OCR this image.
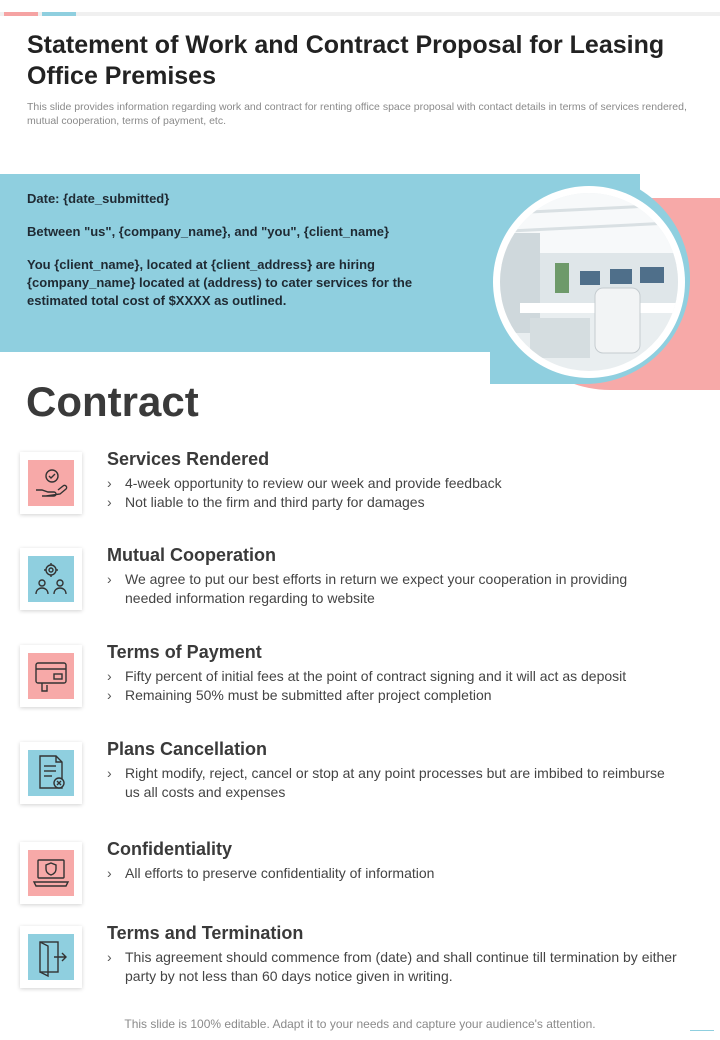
Statement of Work and Contract Proposal for Leasing Office Premises

This slide provides information regarding work and contract for renting office space proposal with contact details in terms of services rendered, mutual cooperation, terms of payment, etc.

Date: {date_submitted}

Between "us", {company_name}, and "you", {client_name}

You {client_name}, located at {client_address} are hiring {company_name} located at (address) to cater services for the estimated total cost of $XXXX as outlined.

Contract
Services Rendered
› 4-week opportunity to review our week and provide feedback
› Not liable to the firm and third party for damages
Mutual Cooperation
› We agree to put our best efforts in return we expect your cooperation in providing needed information regarding to website
Terms of Payment
› Fifty percent of initial fees at the point of contract signing and it will act as deposit
› Remaining 50% must be submitted after project completion
Plans Cancellation
› Right modify, reject, cancel or stop at any point processes but are imbibed to reimburse us all costs and expenses
Confidentiality
› All efforts to preserve confidentiality of information
Terms and Termination
› This agreement should commence from (date) and shall continue till termination by either party by not less than 60 days notice given in writing.
This slide is 100% editable. Adapt it to your needs and capture your audience's attention.
